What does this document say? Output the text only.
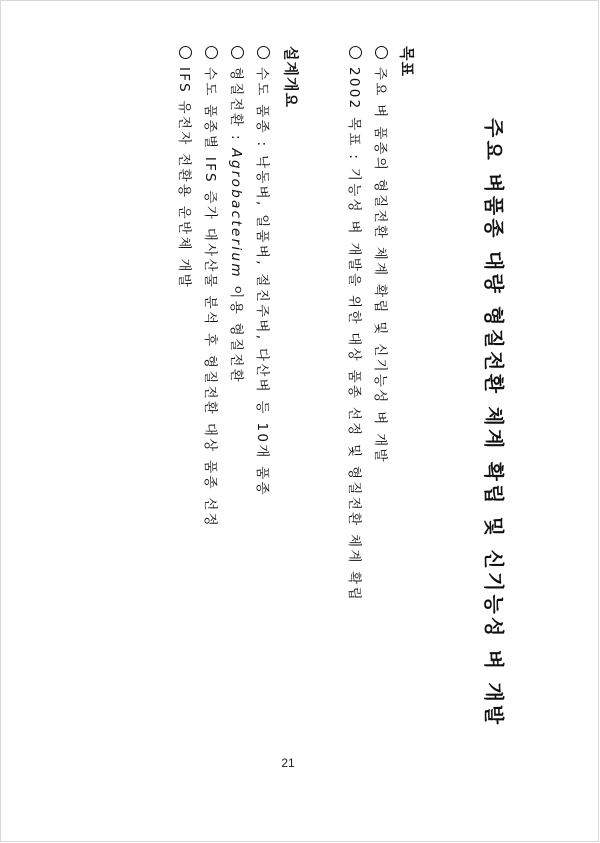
주요 벼품종 대량 형질전환 체계 확립 및 신기능성 벼 개발
목표
주요 벼 품종의 형질전환 체계 확립 및 신기능성 벼 개발
2002 목표 : 기능성 벼 개발을 위한 대상 품종 선정 및 형질전환 체계 확립
설계개요
수도 품종 : 낙동벼, 일품벼, 절진주벼, 다산벼 등 10개 품종
형질전환 : Agrobacterium 이용 형질전환
수도 품종별 IFS 증가 대사산물 분석 후 형질전환 대상 품종 선정
IFS 유전자 전환용 운반체 개발
21
